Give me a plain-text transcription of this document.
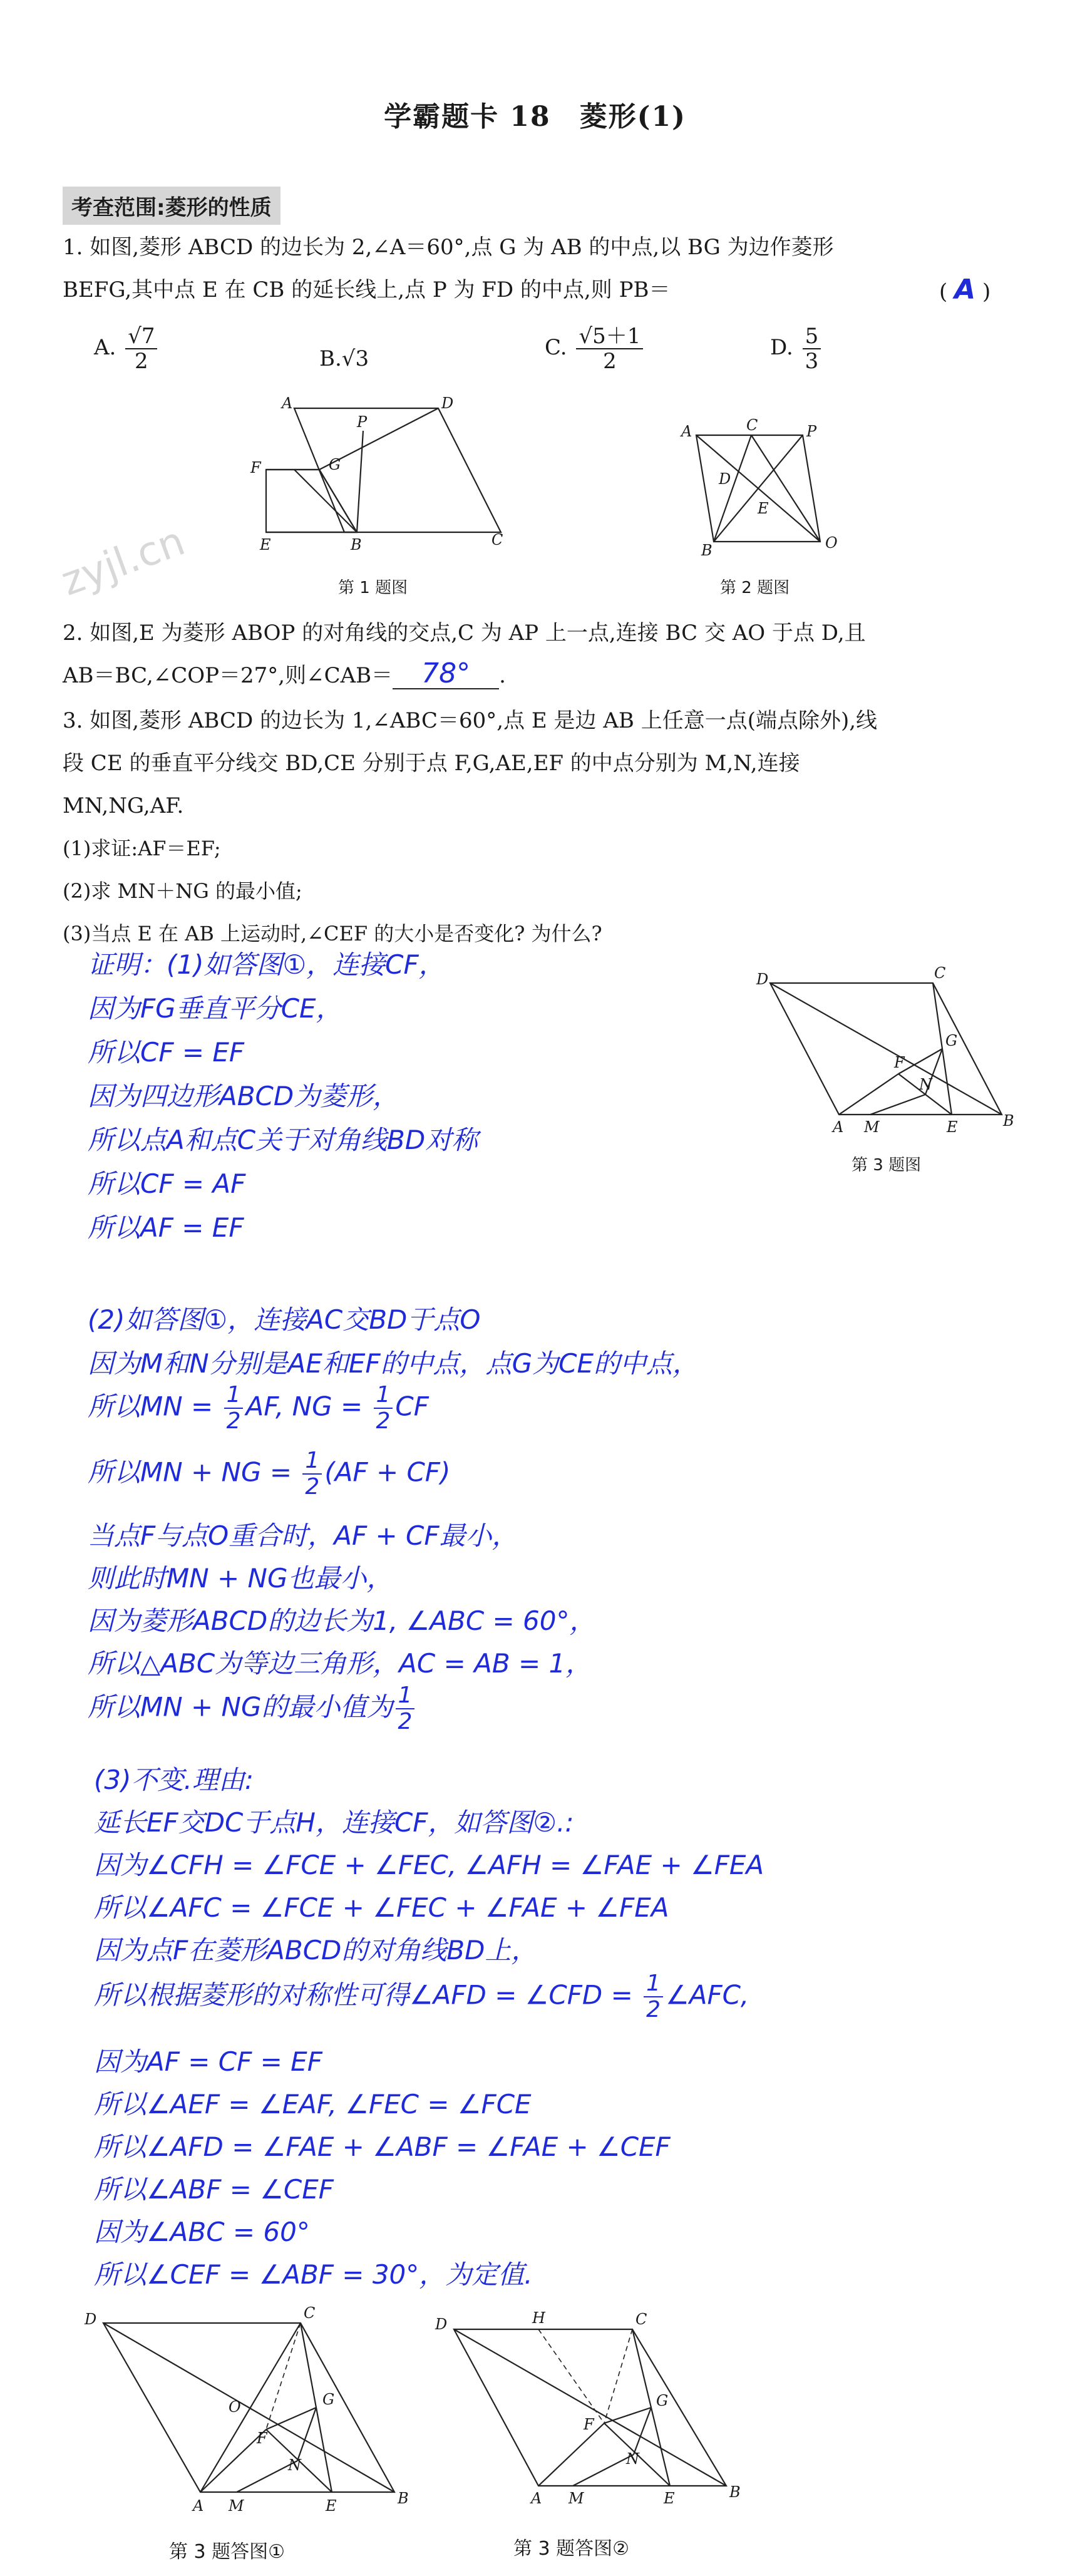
学霸题卡 18　菱形(1)
zyjl.cn
考查范围:菱形的性质
1. 如图,菱形 ABCD 的边长为 2,∠A＝60°,点 G 为 AB 的中点,以 BG 为边作菱形
BEFG,其中点 E 在 CB 的延长线上,点 P 为 FD 的中点,则 PB＝	( A )
A. $\frac{√7}{2}$	B.√3	C. $\frac{√5+1}{2}$	D. $\frac{5}{3}$
A	D
P
F	G
E	B	C
第 1 题图
A	C	P
D
E
B	O
第 2 题图
2. 如图,E 为菱形 ABOP 的对角线的交点,C 为 AP 上一点,连接 BC 交 AO 于点 D,且
AB＝BC,∠COP＝27°,则∠CAB＝ 78° .
3. 如图,菱形 ABCD 的边长为 1,∠ABC＝60°,点 E 是边 AB 上任意一点(端点除外),线
段 CE 的垂直平分线交 BD,CE 分别于点 F,G,AE,EF 的中点分别为 M,N,连接
MN,NG,AF.
(1)求证:AF＝EF;
(2)求 MN＋NG 的最小值;
(3)当点 E 在 AB 上运动时,∠CEF 的大小是否变化? 为什么?
D	C
F
G
N
A M	E	B
第 3 题图
证明：(1)如答图①，连接CF，
因为FG垂直平分CE，
所以CF = EF
因为四边形ABCD为菱形，
所以点A和点C关于对角线BD对称
所以CF = AF
所以AF = EF
(2)如答图①，连接AC交BD于点O
因为M和N分别是AE和EF的中点，点G为CE的中点，
所以MN = $\frac{1}{2}$ AF, NG = $\frac{1}{2}$ CF
所以MN + NG = $\frac{1}{2} (AF + CF)$
当点F与点O重合时，AF + CF最小，
则此时MN + NG也最小，
因为菱形ABCD的边长为1, ∠ABC = 60°，
所以△ABC为等边三角形，AC = AB = 1，
所以MN + NG的最小值为 $\frac{1}{2}$
(3)不变.理由:
延长EF交DC于点H，连接CF，如答图②.:
因为∠CFH = ∠FCE + ∠FEC, ∠AFH = ∠FAE + ∠FEA
所以∠AFC = ∠FCE + ∠FEC + ∠FAE + ∠FEA
因为点F在菱形ABCD的对角线BD上，
所以根据菱形的对称性可得∠AFD = ∠CFD = $\frac{1}{2}$ ∠AFC,
因为AF = CF = EF
所以∠AEF = ∠EAF, ∠FEC = ∠FCE
所以∠AFD = ∠FAE + ∠ABF = ∠FAE + ∠CEF
所以∠ABF = ∠CEF
因为∠ABC = 60°
所以∠CEF = ∠ABF = 30°，为定值.
D	C
O
F
G
N
A M	E	B
第 3 题答图①
D	H	C
F
G
N
A M	E	B
第 3 题答图②
